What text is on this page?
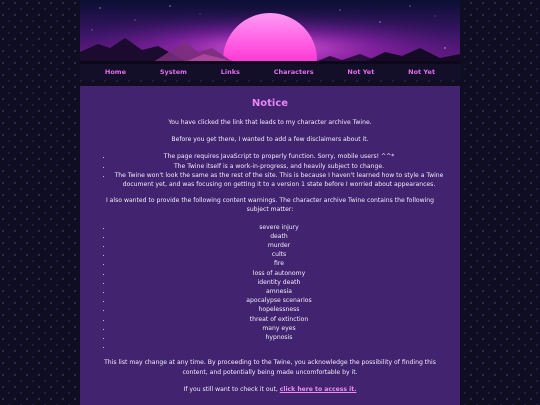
Home	System	Links	Characters	Not Yet	Not Yet
Notice

You have clicked the link that leads to my character archive Twine.

Before you get there, I wanted to add a few disclaimers about it.

• The page requires JavaScript to properly function. Sorry, mobile users! ^^*
• The Twine itself is a work-in-progress, and heavily subject to change.
• The Twine won't look the same as the rest of the site. This is because I haven't learned how to style a Twine document yet, and was focusing on getting it to a version 1 state before I worried about appearances.

I also wanted to provide the following content warnings. The character archive Twine contains the following subject matter:

• severe injury
• death
• murder
• cults
• fire
• loss of autonomy
• identity death
• amnesia
• apocalypse scenarios
• hopelessness
• threat of extinction
• many eyes
• hypnosis
•

This list may change at any time. By proceeding to the Twine, you acknowledge the possibility of finding this content, and potentially being made uncomfortable by it.

If you still want to check it out, click here to access it.
